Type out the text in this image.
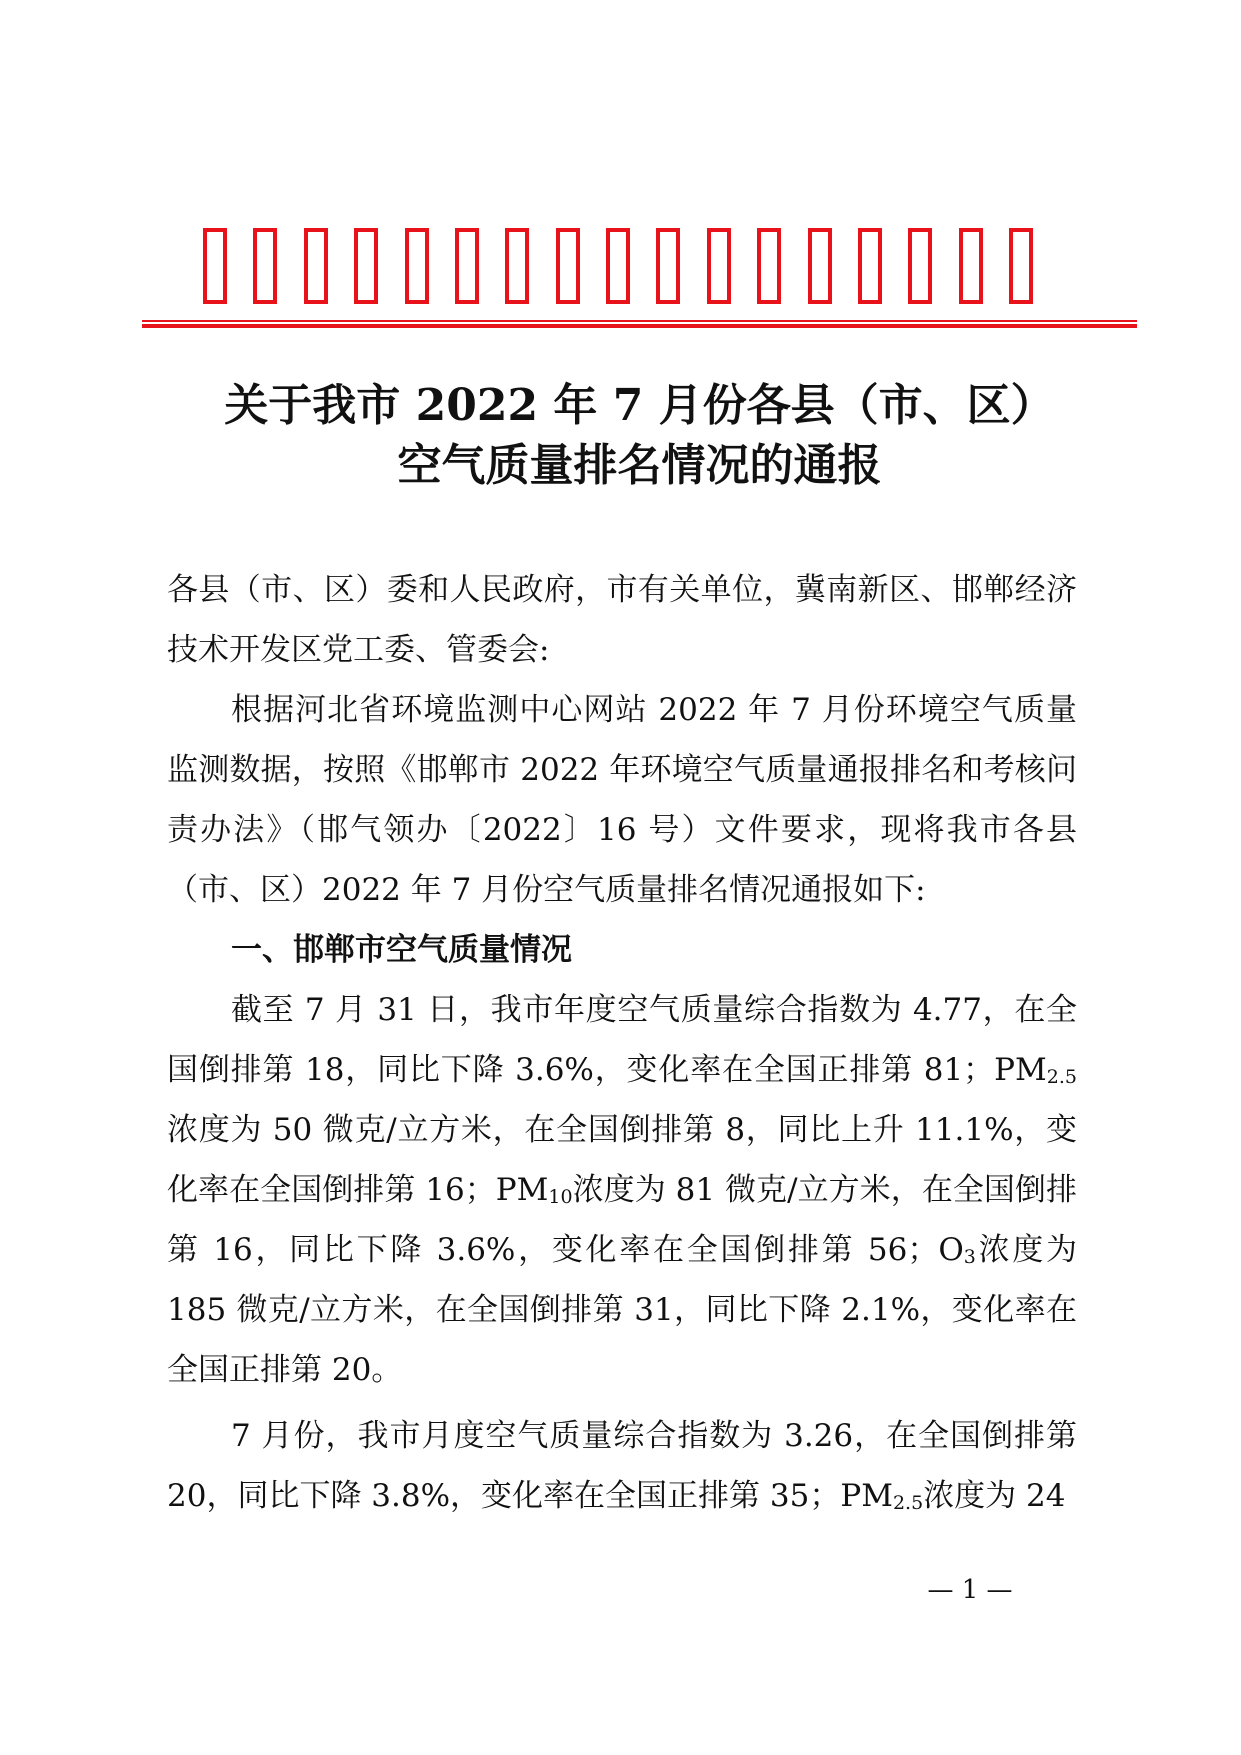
关于我市 2022 年 7 月份各县（市、区）
空气质量排名情况的通报

各县（市、区）委和人民政府，市有关单位，冀南新区、邯郸经济技术开发区党工委、管委会:

根据河北省环境监测中心网站 2022 年 7 月份环境空气质量监测数据，按照《邯郸市 2022 年环境空气质量通报排名和考核问责办法》（邯气领办〔2022〕16 号）文件要求，现将我市各县（市、区）2022 年 7 月份空气质量排名情况通报如下:

一、邯郸市空气质量情况

截至 7 月 31 日，我市年度空气质量综合指数为 4.77，在全国倒排第 18，同比下降 3.6%，变化率在全国正排第 81；$PM_{2.5}$浓度为 50 微克/立方米，在全国倒排第 8，同比上升 11.1%，变化率在全国倒排第 16；$PM_{10}$浓度为 81 微克/立方米，在全国倒排第 16，同比下降 3.6%，变化率在全国倒排第 56；$O_3$浓度为 185 微克/立方米，在全国倒排第 31，同比下降 2.1%，变化率在全国正排第 20。

7 月份，我市月度空气质量综合指数为 3.26，在全国倒排第 20，同比下降 3.8%，变化率在全国正排第 35；$PM_{2.5}$浓度为 24

— 1 —
